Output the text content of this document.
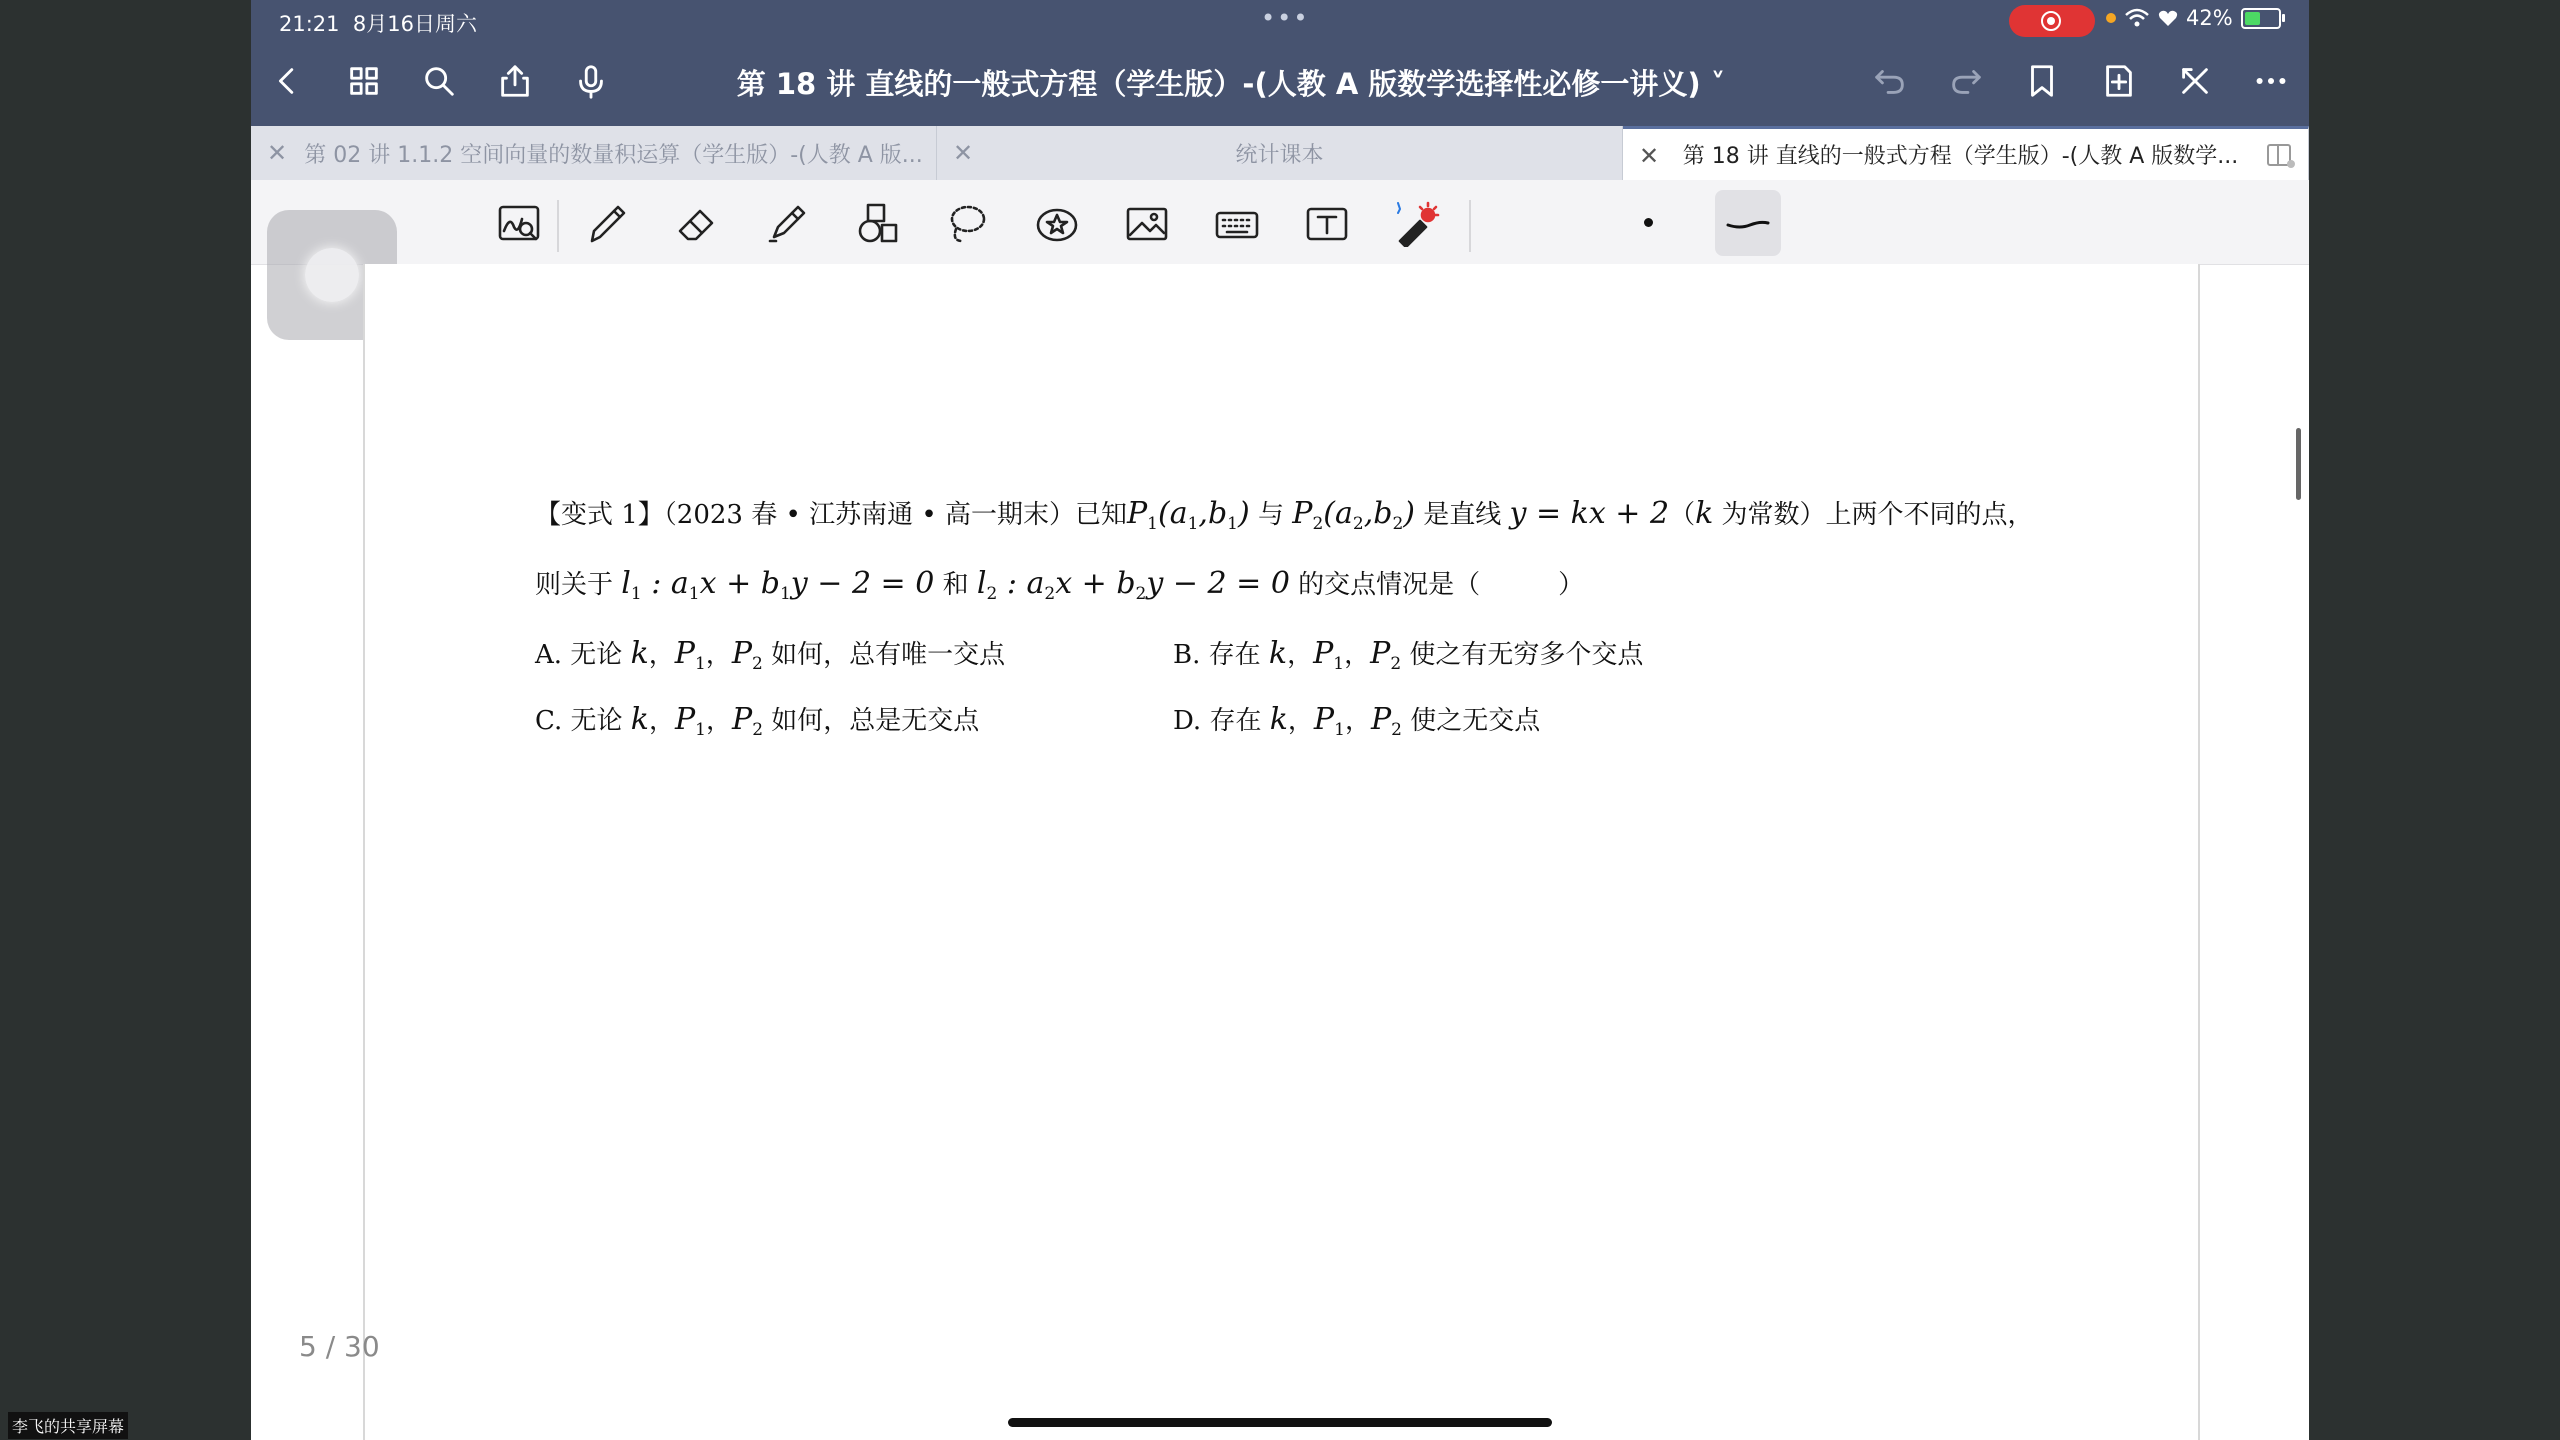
21:21 8月16日周六	•••	42%
第 18 讲 直线的一般式方程（学生版）-(人教 A 版数学选择性必修一讲义) ˅
✕ 第 02 讲 1.1.2 空间向量的数量积运算（学生版）-(人教 A 版...	✕	统计课本	✕	第 18 讲 直线的一般式方程（学生版）-(人教 A 版数学...
【变式 1】（2023 春 • 江苏南通 • 高一期末）已知$P_1(a_1,b_1)$ 与 $P_2(a_2,b_2)$ 是直线 y = kx + 2（k 为常数）上两个不同的点，
则关于 $l_1$ : $a_1x + b_1y - 2 = 0$ 和 $l_2$ : $a_2x + b_2y - 2 = 0$ 的交点情况是（　　　）
A. 无论 k，$P_1$，$P_2$ 如何，总有唯一交点	B. 存在 k，$P_1$，$P_2$ 使之有无穷多个交点
C. 无论 k，$P_1$，$P_2$ 如何，总是无交点	D. 存在 k，$P_1$，$P_2$ 使之无交点
5 / 30
李飞的共享屏幕
